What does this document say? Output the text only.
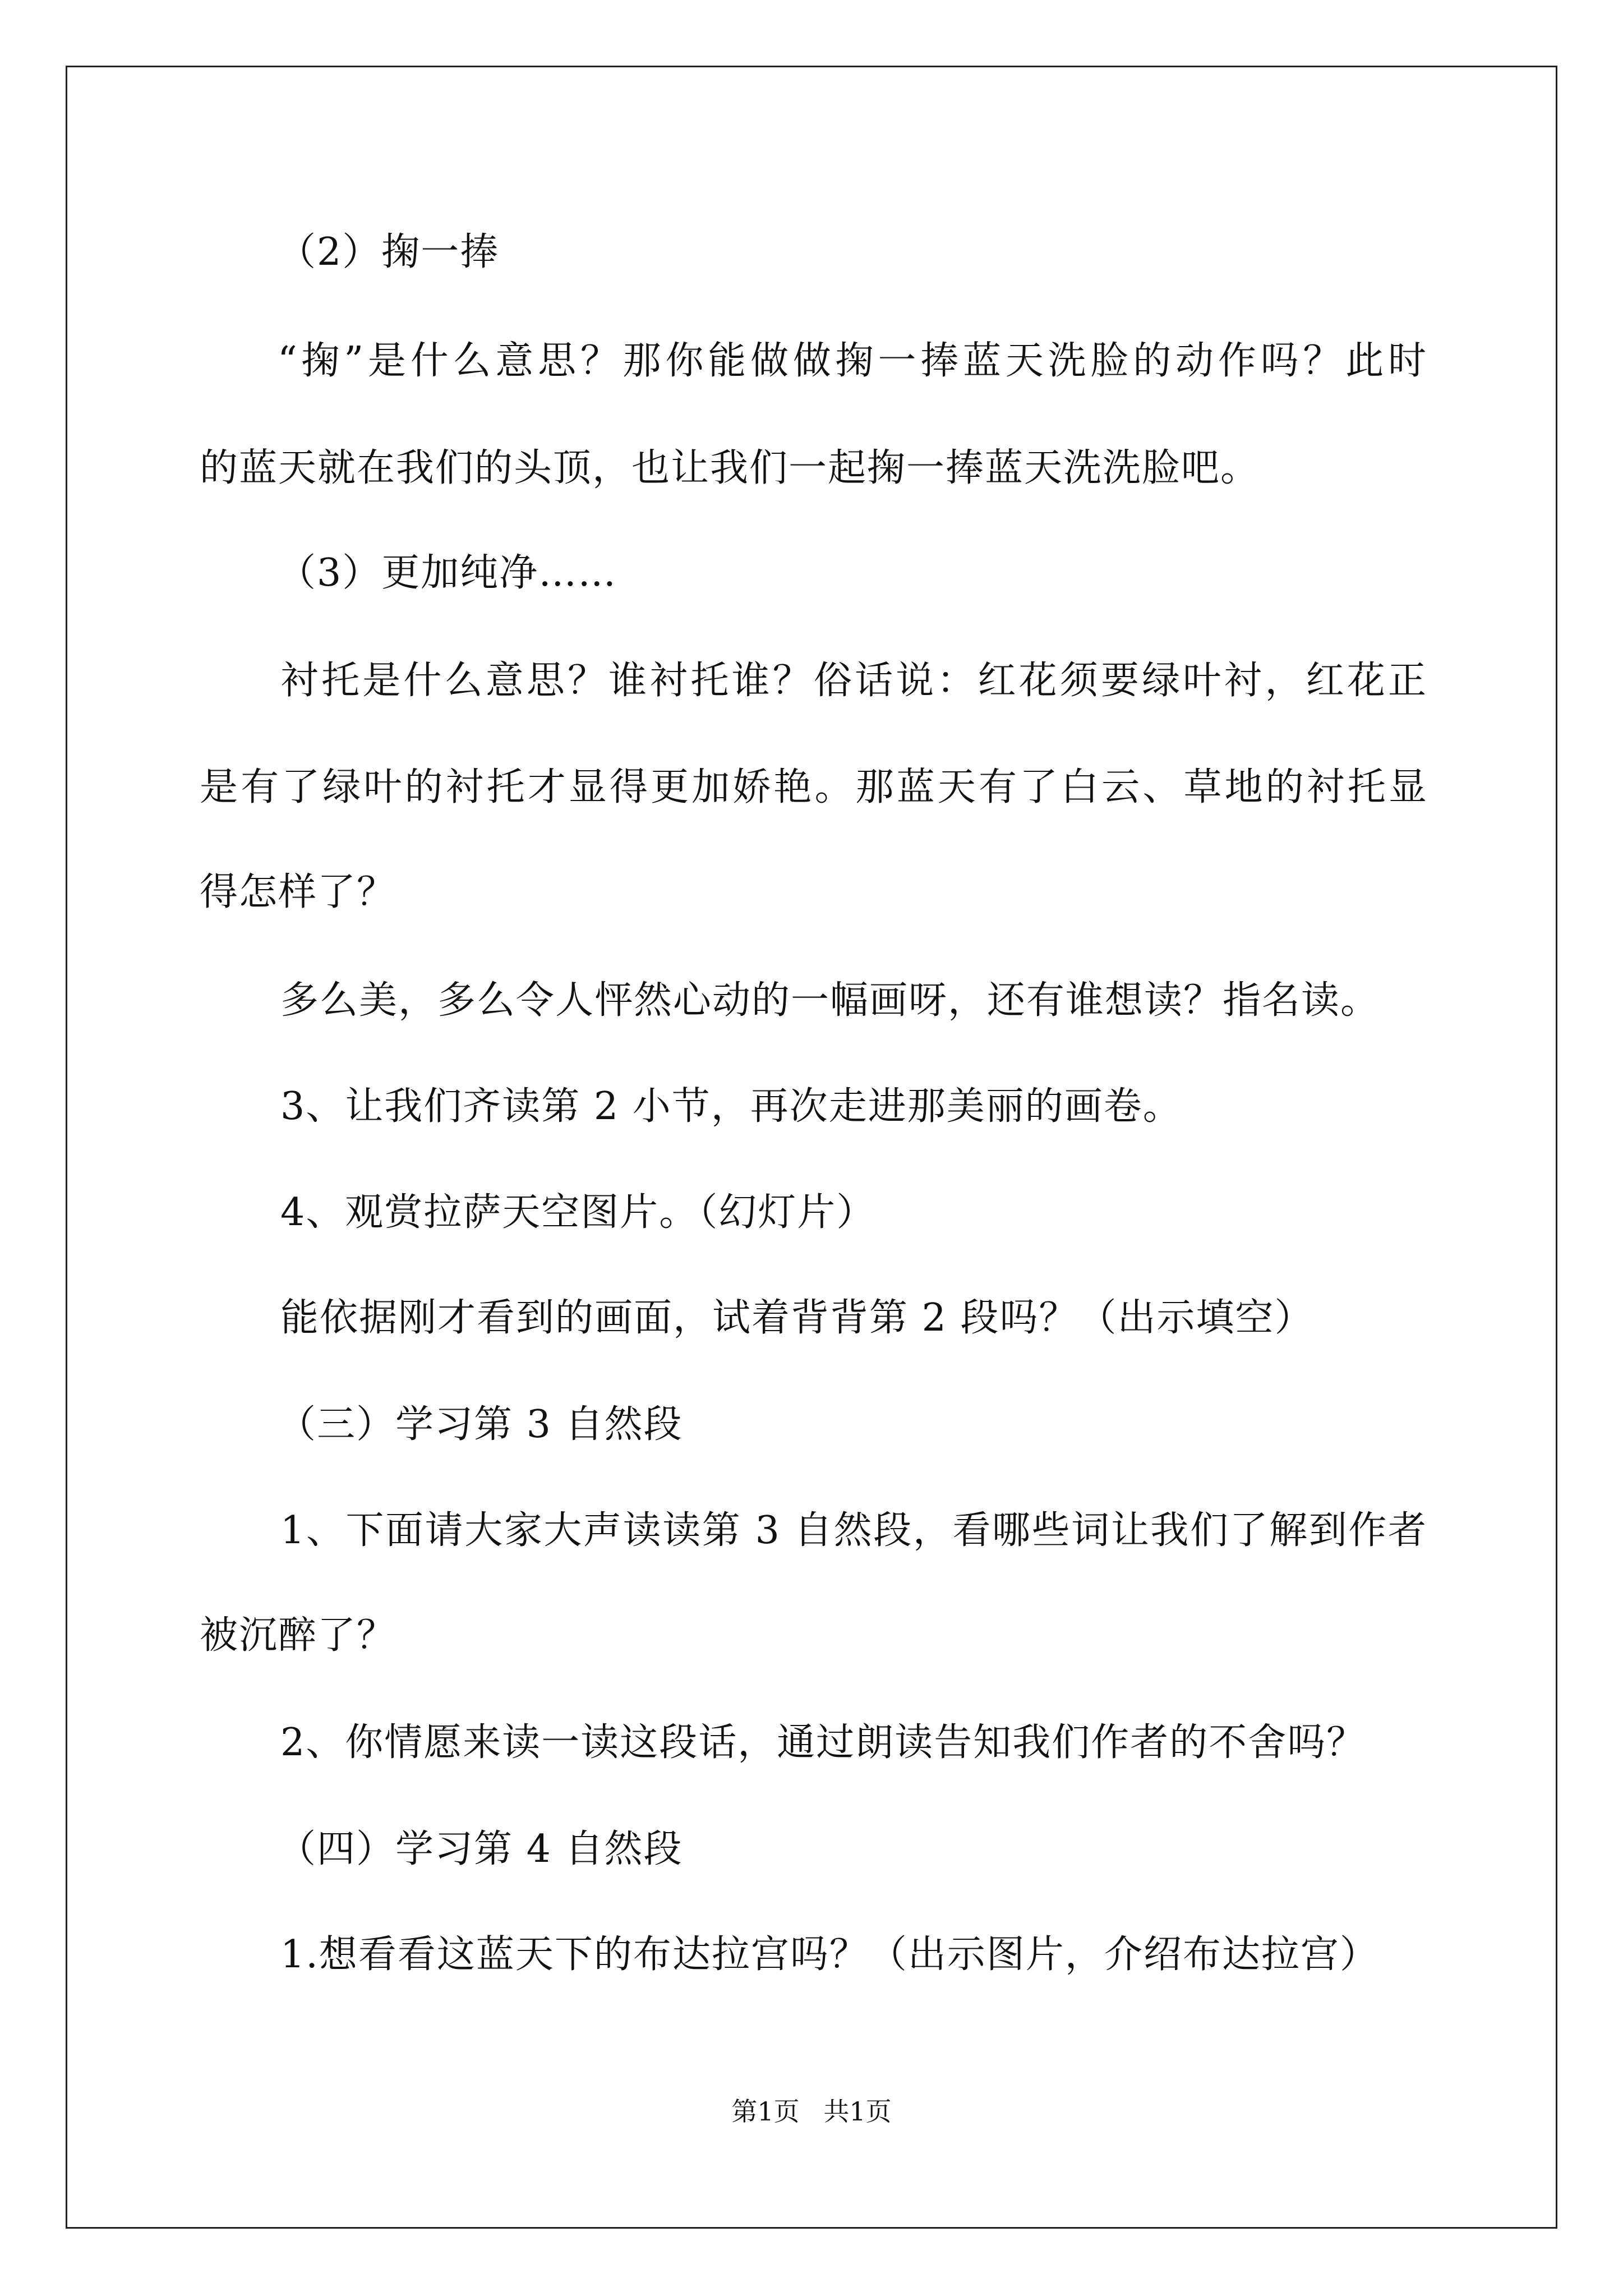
（2）掬一捧

“掬”是什么意思？那你能做做掬一捧蓝天洗脸的动作吗？此时

的蓝天就在我们的头顶，也让我们一起掬一捧蓝天洗洗脸吧。

（3）更加纯净……

衬托是什么意思？谁衬托谁？俗话说：红花须要绿叶衬，红花正

是有了绿叶的衬托才显得更加娇艳。那蓝天有了白云、草地的衬托显

得怎样了？

多么美，多么令人怦然心动的一幅画呀，还有谁想读？指名读。

3、让我们齐读第 2 小节，再次走进那美丽的画卷。

4、观赏拉萨天空图片。（幻灯片）

能依据刚才看到的画面，试着背背第 2 段吗？（出示填空）

（三）学习第 3 自然段

1、下面请大家大声读读第 3 自然段，看哪些词让我们了解到作者

被沉醉了？

2、你情愿来读一读这段话，通过朗读告知我们作者的不舍吗？

（四）学习第 4 自然段

1.想看看这蓝天下的布达拉宫吗？（出示图片，介绍布达拉宫）

第1页 共1页
